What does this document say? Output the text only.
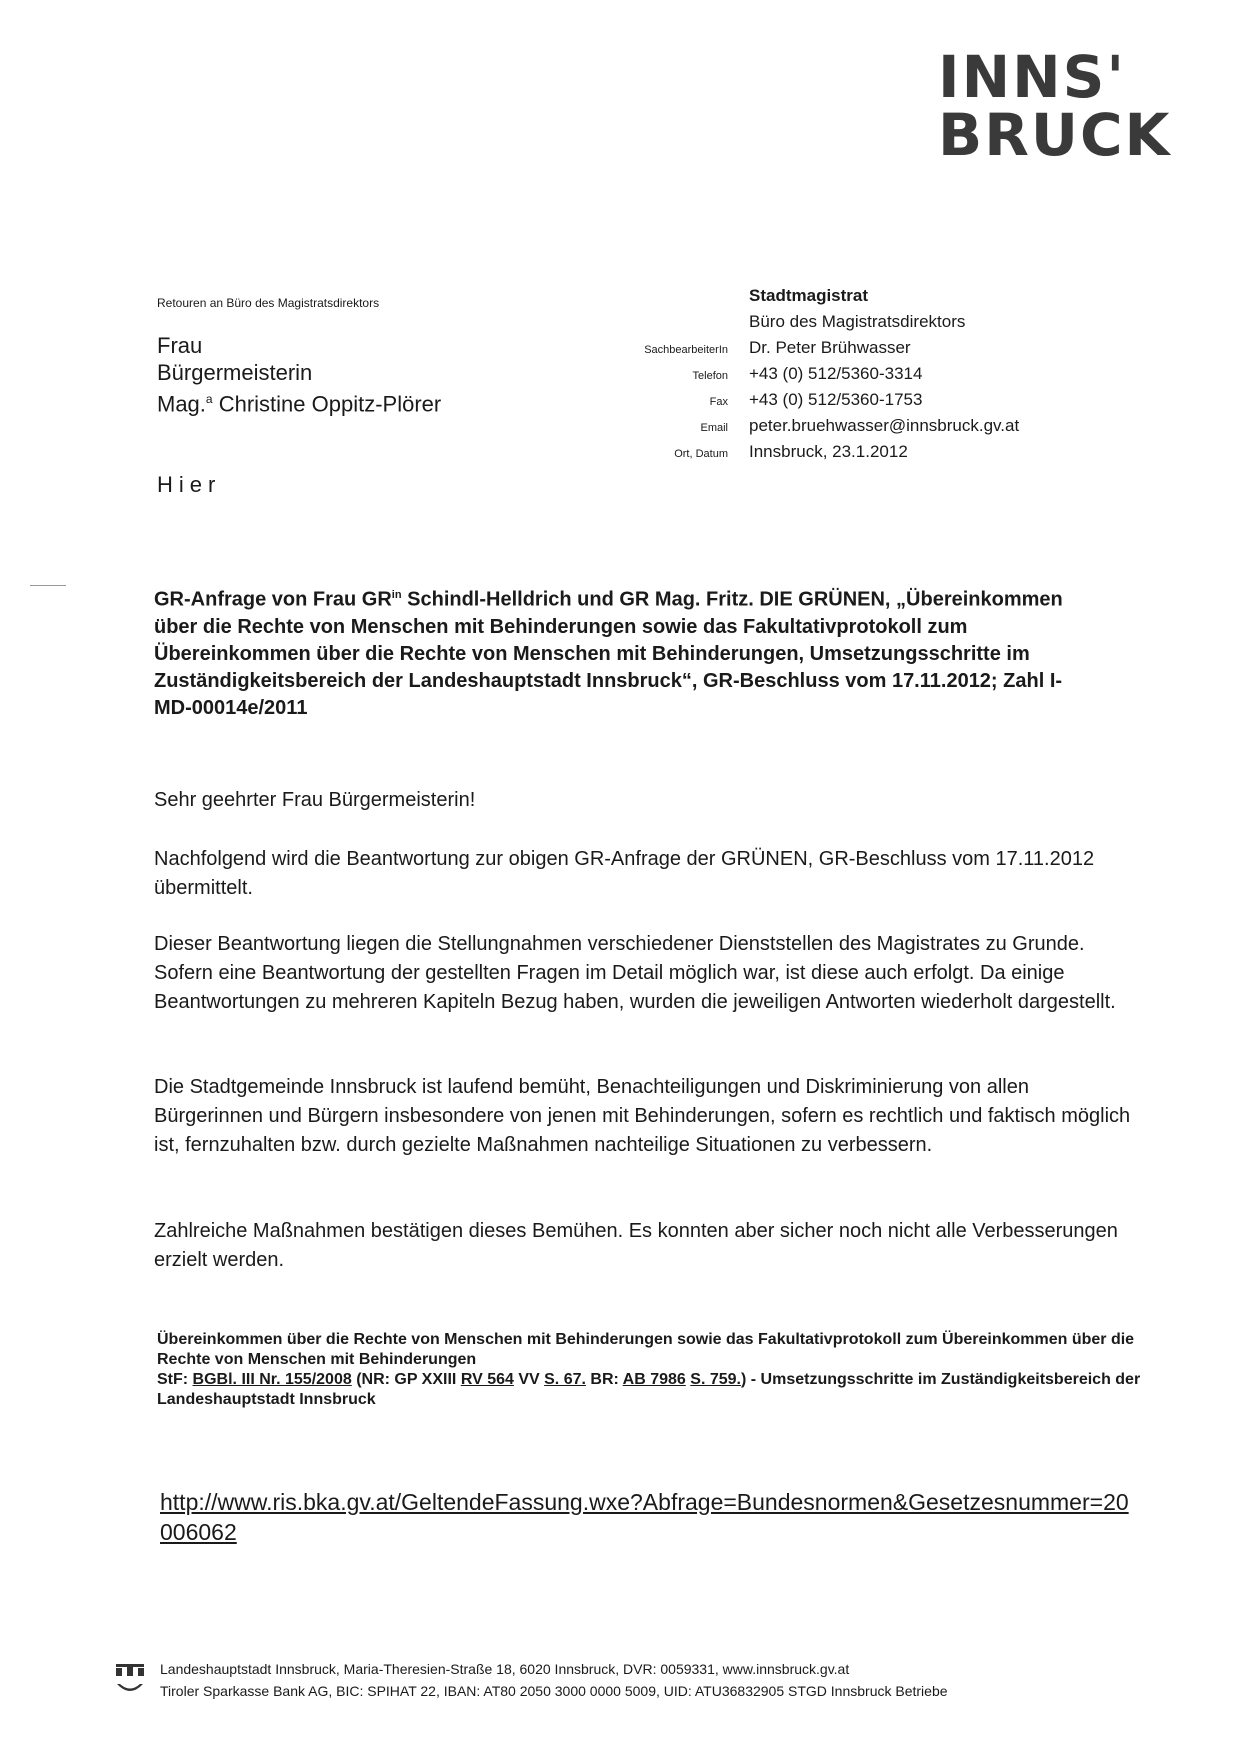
INNS'
BRUCK
Retouren an Büro des Magistratsdirektors
Frau
Bürgermeisterin
Mag.$^a$ Christine Oppitz-Plörer
Hier
Stadtmagistrat
Büro des Magistratsdirektors
SachbearbeiterIn	Dr. Peter Brühwasser
Telefon	+43 (0) 512/5360-3314
Fax	+43 (0) 512/5360-1753
Email	peter.bruehwasser@innsbruck.gv.at
Ort, Datum	Innsbruck, 23.1.2012
GR-Anfrage von Frau $GR^{in}$ Schindl-Helldrich und GR Mag. Fritz. DIE GRÜNEN, „Übereinkommen über die Rechte von Menschen mit Behinderungen sowie das Fakultativprotokoll zum Übereinkommen über die Rechte von Menschen mit Behinderungen, Umsetzungsschritte im Zuständigkeitsbereich der Landeshauptstadt Innsbruck“, GR-Beschluss vom 17.11.2012; Zahl I-MD-00014e/2011
Sehr geehrter Frau Bürgermeisterin!
Nachfolgend wird die Beantwortung zur obigen GR-Anfrage der GRÜNEN, GR-Beschluss vom 17.11.2012 übermittelt.
Dieser Beantwortung liegen die Stellungnahmen verschiedener Dienststellen des Magistrates zu Grunde. Sofern eine Beantwortung der gestellten Fragen im Detail möglich war, ist diese auch erfolgt. Da einige Beantwortungen zu mehreren Kapiteln Bezug haben, wurden die jeweiligen Antworten wiederholt dargestellt.
Die Stadtgemeinde Innsbruck ist laufend bemüht, Benachteiligungen und Diskriminierung von allen Bürgerinnen und Bürgern insbesondere von jenen mit Behinderungen, sofern es rechtlich und faktisch möglich ist, fernzuhalten bzw. durch gezielte Maßnahmen nachteilige Situationen zu verbessern.
Zahlreiche Maßnahmen bestätigen dieses Bemühen. Es konnten aber sicher noch nicht alle Verbesserungen erzielt werden.
Übereinkommen über die Rechte von Menschen mit Behinderungen sowie das Fakultativprotokoll zum Übereinkommen über die Rechte von Menschen mit Behinderungen
StF: BGBl. III Nr. 155/2008 (NR: GP XXIII RV 564 VV S. 67. BR: AB 7986 S. 759.) - Umsetzungsschritte im Zuständigkeitsbereich der Landeshauptstadt Innsbruck
http://www.ris.bka.gv.at/GeltendeFassung.wxe?Abfrage=Bundesnormen&Gesetzesnummer=20006062
Landeshauptstadt Innsbruck, Maria-Theresien-Straße 18, 6020 Innsbruck, DVR: 0059331, www.innsbruck.gv.at
Tiroler Sparkasse Bank AG, BIC: SPIHAT 22, IBAN: AT80 2050 3000 0000 5009, UID: ATU36832905 STGD Innsbruck Betriebe
